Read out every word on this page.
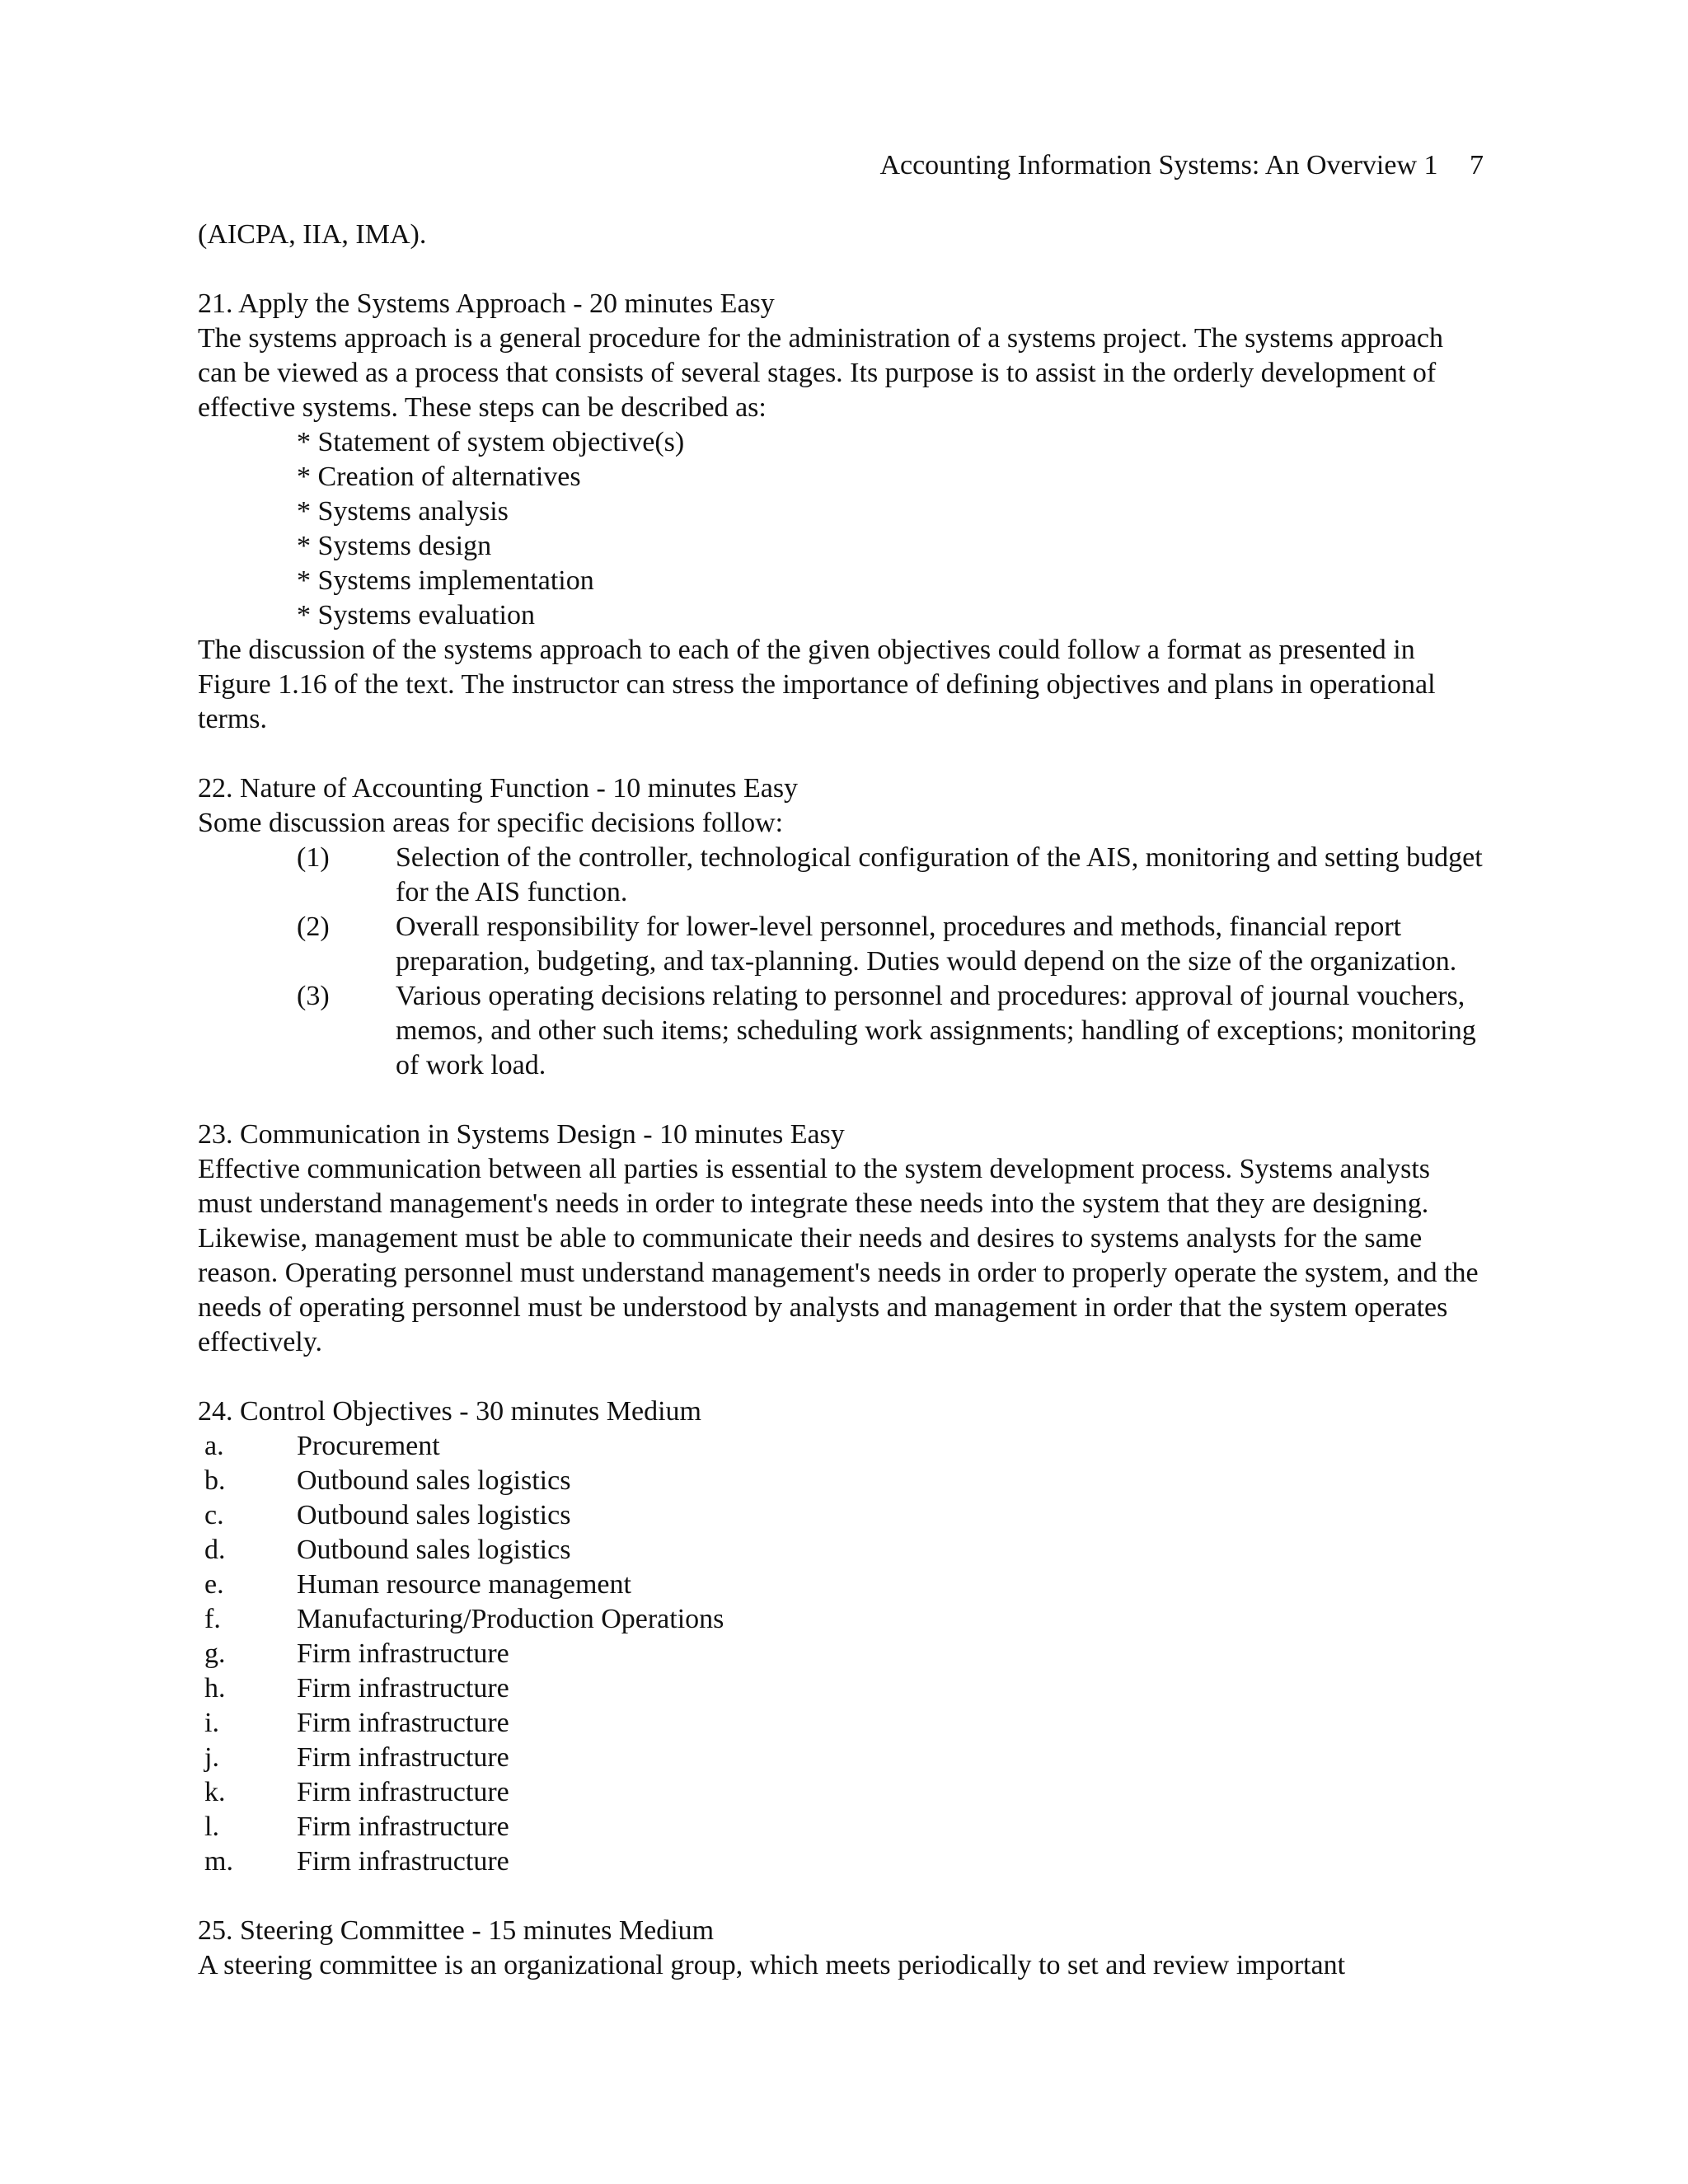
Accounting Information Systems: An Overview 1 7

(AICPA, IIA, IMA).

21. Apply the Systems Approach - 20 minutes Easy

The systems approach is a general procedure for the administration of a systems project. The systems approach can be viewed as a process that consists of several stages. Its purpose is to assist in the orderly development of effective systems. These steps can be described as:

* Statement of system objective(s)
* Creation of alternatives
* Systems analysis
* Systems design
* Systems implementation
* Systems evaluation

The discussion of the systems approach to each of the given objectives could follow a format as presented in Figure 1.16 of the text. The instructor can stress the importance of defining objectives and plans in operational terms.

22. Nature of Accounting Function - 10 minutes Easy

Some discussion areas for specific decisions follow:

(1)	Selection of the controller, technological configuration of the AIS, monitoring and setting budget for the AIS function.
(2)	Overall responsibility for lower-level personnel, procedures and methods, financial report preparation, budgeting, and tax-planning. Duties would depend on the size of the organization.
(3)	Various operating decisions relating to personnel and procedures: approval of journal vouchers, memos, and other such items; scheduling work assignments; handling of exceptions; monitoring of work load.

23. Communication in Systems Design - 10 minutes Easy

Effective communication between all parties is essential to the system development process. Systems analysts must understand management's needs in order to integrate these needs into the system that they are designing. Likewise, management must be able to communicate their needs and desires to systems analysts for the same reason. Operating personnel must understand management's needs in order to properly operate the system, and the needs of operating personnel must be understood by analysts and management in order that the system operates effectively.

24. Control Objectives - 30 minutes Medium

a.	Procurement
b.	Outbound sales logistics
c.	Outbound sales logistics
d.	Outbound sales logistics
e.	Human resource management
f.	Manufacturing/Production Operations
g.	Firm infrastructure
h.	Firm infrastructure
i.	Firm infrastructure
j.	Firm infrastructure
k.	Firm infrastructure
l.	Firm infrastructure
m.	Firm infrastructure

25. Steering Committee - 15 minutes Medium

A steering committee is an organizational group, which meets periodically to set and review important
